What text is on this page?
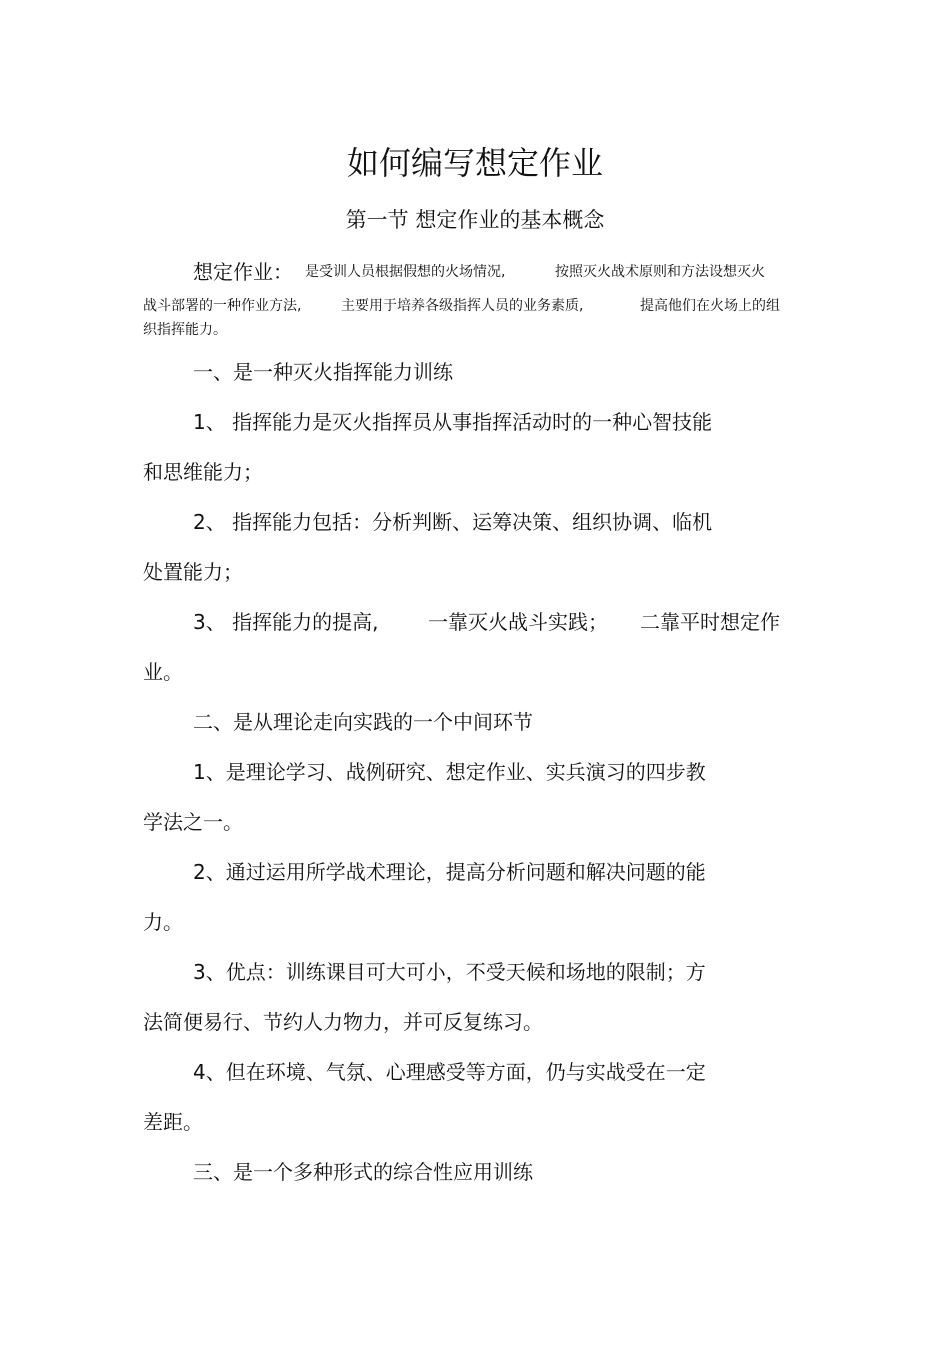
如何编写想定作业
第一节 想定作业的基本概念
想定作业： 是受训人员根据假想的火场情况,	按照灭火战术原则和方法设想灭火
战斗部署的一种作业方法,	主要用于培养各级指挥人员的业务素质,	提高他们在火场上的组
织指挥能力。
一、是一种灭火指挥能力训练
1、 指挥能力是灭火指挥员从事指挥活动时的一种心智技能
和思维能力；
2、 指挥能力包括：分析判断、运筹决策、组织协调、临机
处置能力；
3、 指挥能力的提高, 一靠灭火战斗实践； 二靠平时想定作
业。
二、是从理论走向实践的一个中间环节
1、是理论学习、战例研究、想定作业、实兵演习的四步教
学法之一。
2、通过运用所学战术理论，提高分析问题和解决问题的能
力。
3、优点：训练课目可大可小，不受天候和场地的限制；方
法简便易行、节约人力物力，并可反复练习。
4、但在环境、气氛、心理感受等方面，仍与实战受在一定
差距。
三、是一个多种形式的综合性应用训练
